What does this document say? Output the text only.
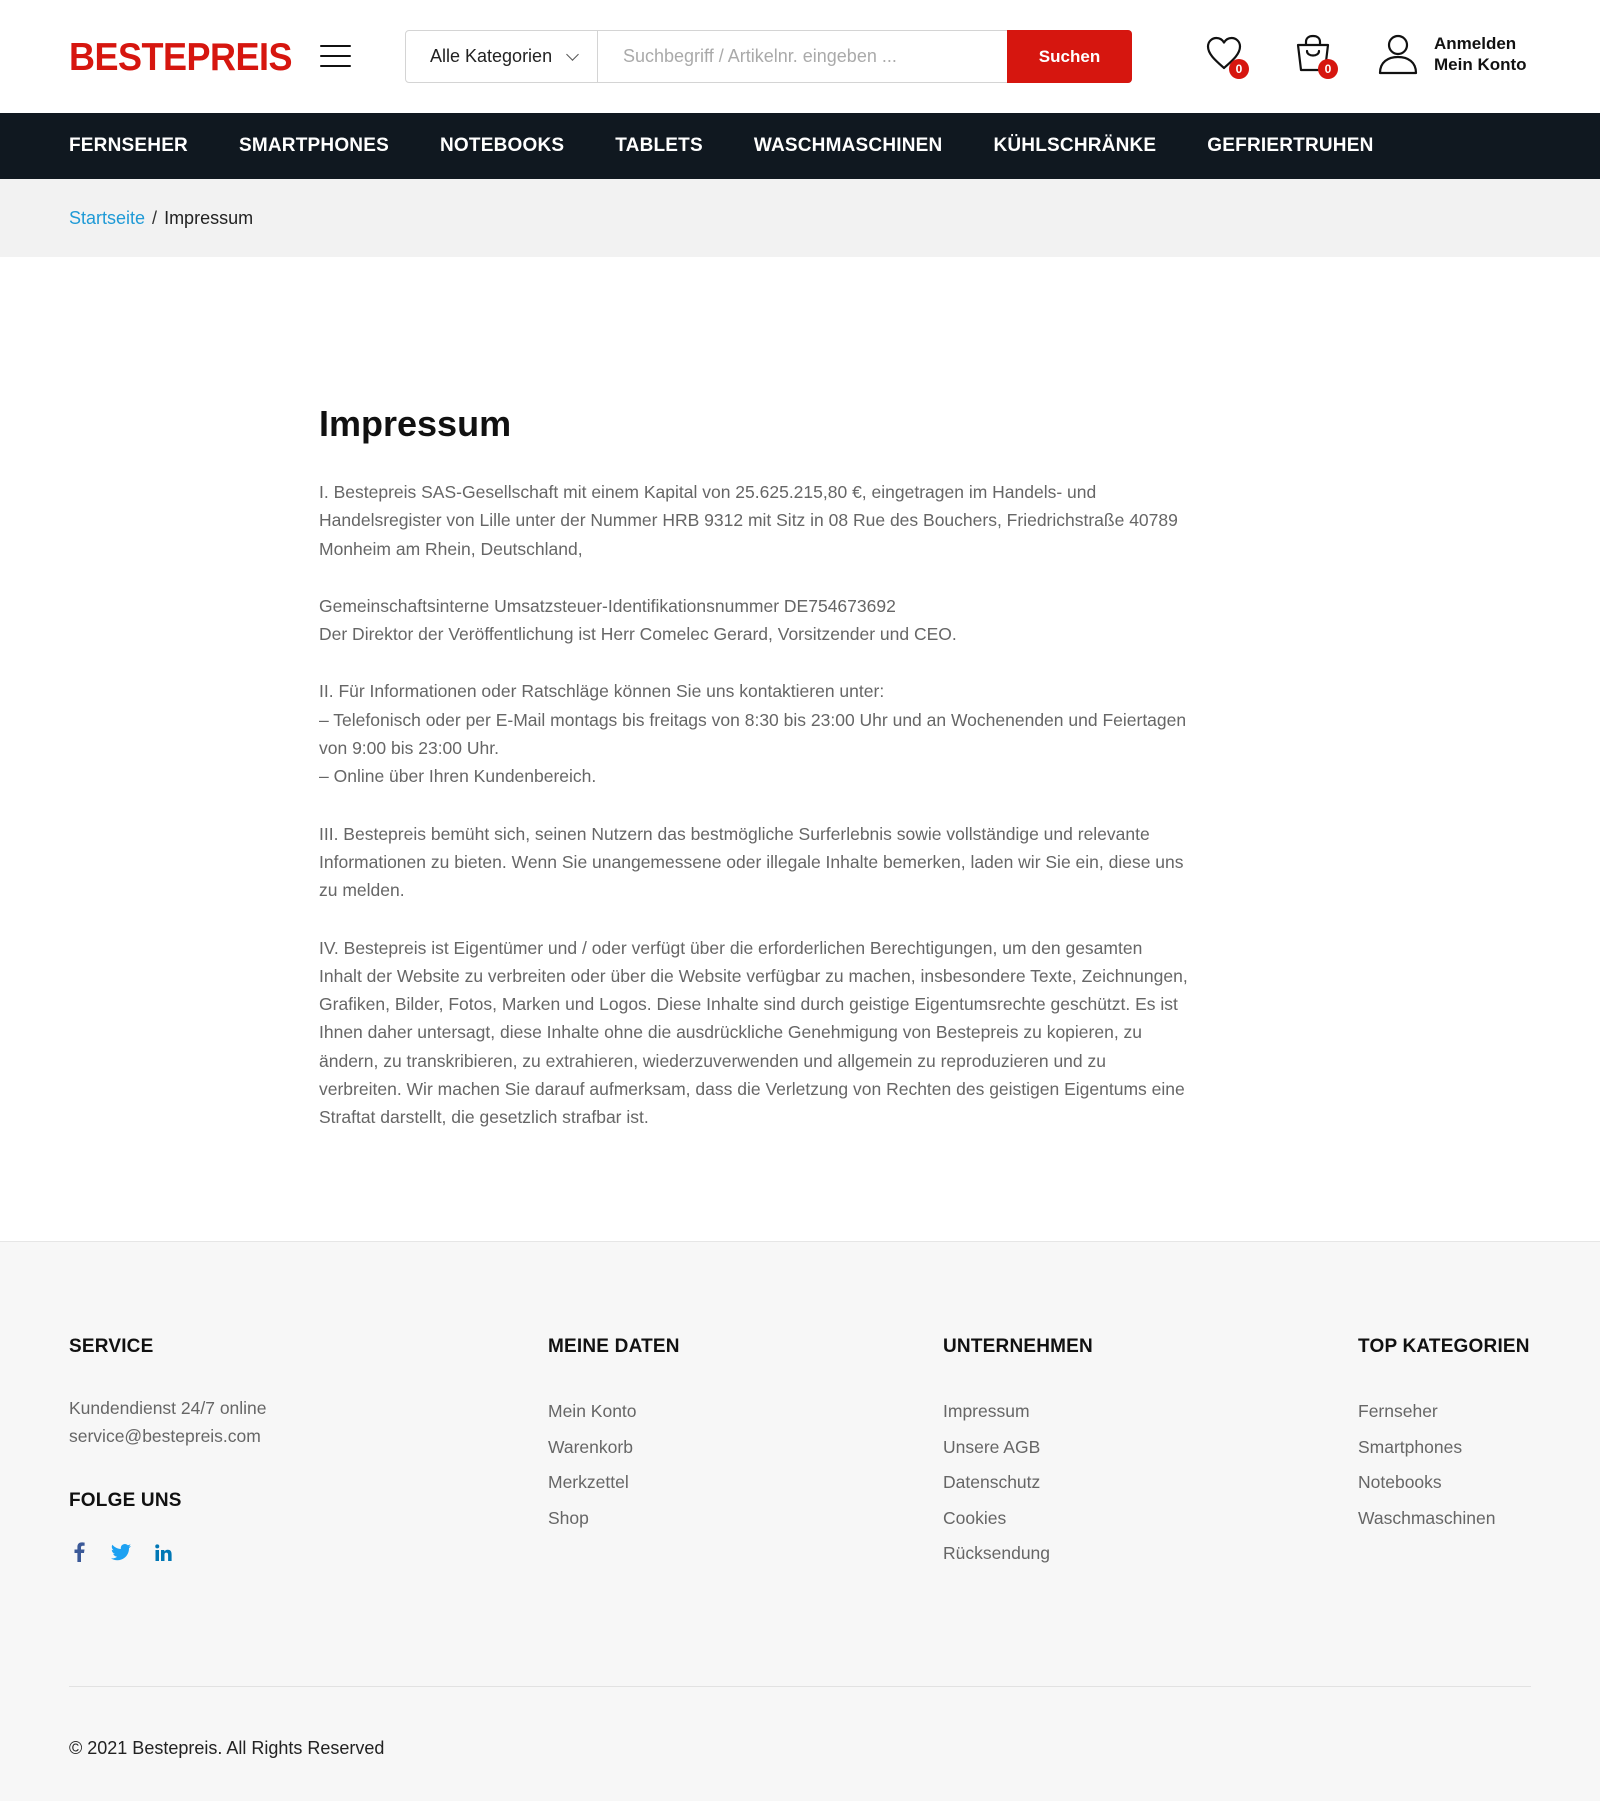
BESTEPREIS	Alle Kategorien
Suchbegriff / Artikelnr. eingeben ...	Suchen
0	0
Anmelden
Mein Konto
FERNSEHER	SMARTPHONES	NOTEBOOKS	TABLETS	WASCHMASCHINEN	KÜHLSCHRÄNKE	GEFRIERTRUHEN
Startseite / Impressum
Impressum

I. Bestepreis SAS-Gesellschaft mit einem Kapital von 25.625.215,80 €, eingetragen im Handels- und
Handelsregister von Lille unter der Nummer HRB 9312 mit Sitz in 08 Rue des Bouchers, Friedrichstraße 40789
Monheim am Rhein, Deutschland,

Gemeinschaftsinterne Umsatzsteuer-Identifikationsnummer DE754673692
Der Direktor der Veröffentlichung ist Herr Comelec Gerard, Vorsitzender und CEO.

II. Für Informationen oder Ratschläge können Sie uns kontaktieren unter:
– Telefonisch oder per E-Mail montags bis freitags von 8:30 bis 23:00 Uhr und an Wochenenden und Feiertagen
von 9:00 bis 23:00 Uhr.
– Online über Ihren Kundenbereich.

III. Bestepreis bemüht sich, seinen Nutzern das bestmögliche Surferlebnis sowie vollständige und relevante
Informationen zu bieten. Wenn Sie unangemessene oder illegale Inhalte bemerken, laden wir Sie ein, diese uns
zu melden.

IV. Bestepreis ist Eigentümer und / oder verfügt über die erforderlichen Berechtigungen, um den gesamten
Inhalt der Website zu verbreiten oder über die Website verfügbar zu machen, insbesondere Texte, Zeichnungen,
Grafiken, Bilder, Fotos, Marken und Logos. Diese Inhalte sind durch geistige Eigentumsrechte geschützt. Es ist
Ihnen daher untersagt, diese Inhalte ohne die ausdrückliche Genehmigung von Bestepreis zu kopieren, zu
ändern, zu transkribieren, zu extrahieren, wiederzuverwenden und allgemein zu reproduzieren und zu
verbreiten. Wir machen Sie darauf aufmerksam, dass die Verletzung von Rechten des geistigen Eigentums eine
Straftat darstellt, die gesetzlich strafbar ist.

SERVICE
Kundendienst 24/7 online
service@bestepreis.com
FOLGE UNS
MEINE DATEN
Mein Konto
Warenkorb
Merkzettel
Shop
UNTERNEHMEN
Impressum
Unsere AGB
Datenschutz
Cookies
Rücksendung
TOP KATEGORIEN
Fernseher
Smartphones
Notebooks
Waschmaschinen
© 2021 Bestepreis. All Rights Reserved
